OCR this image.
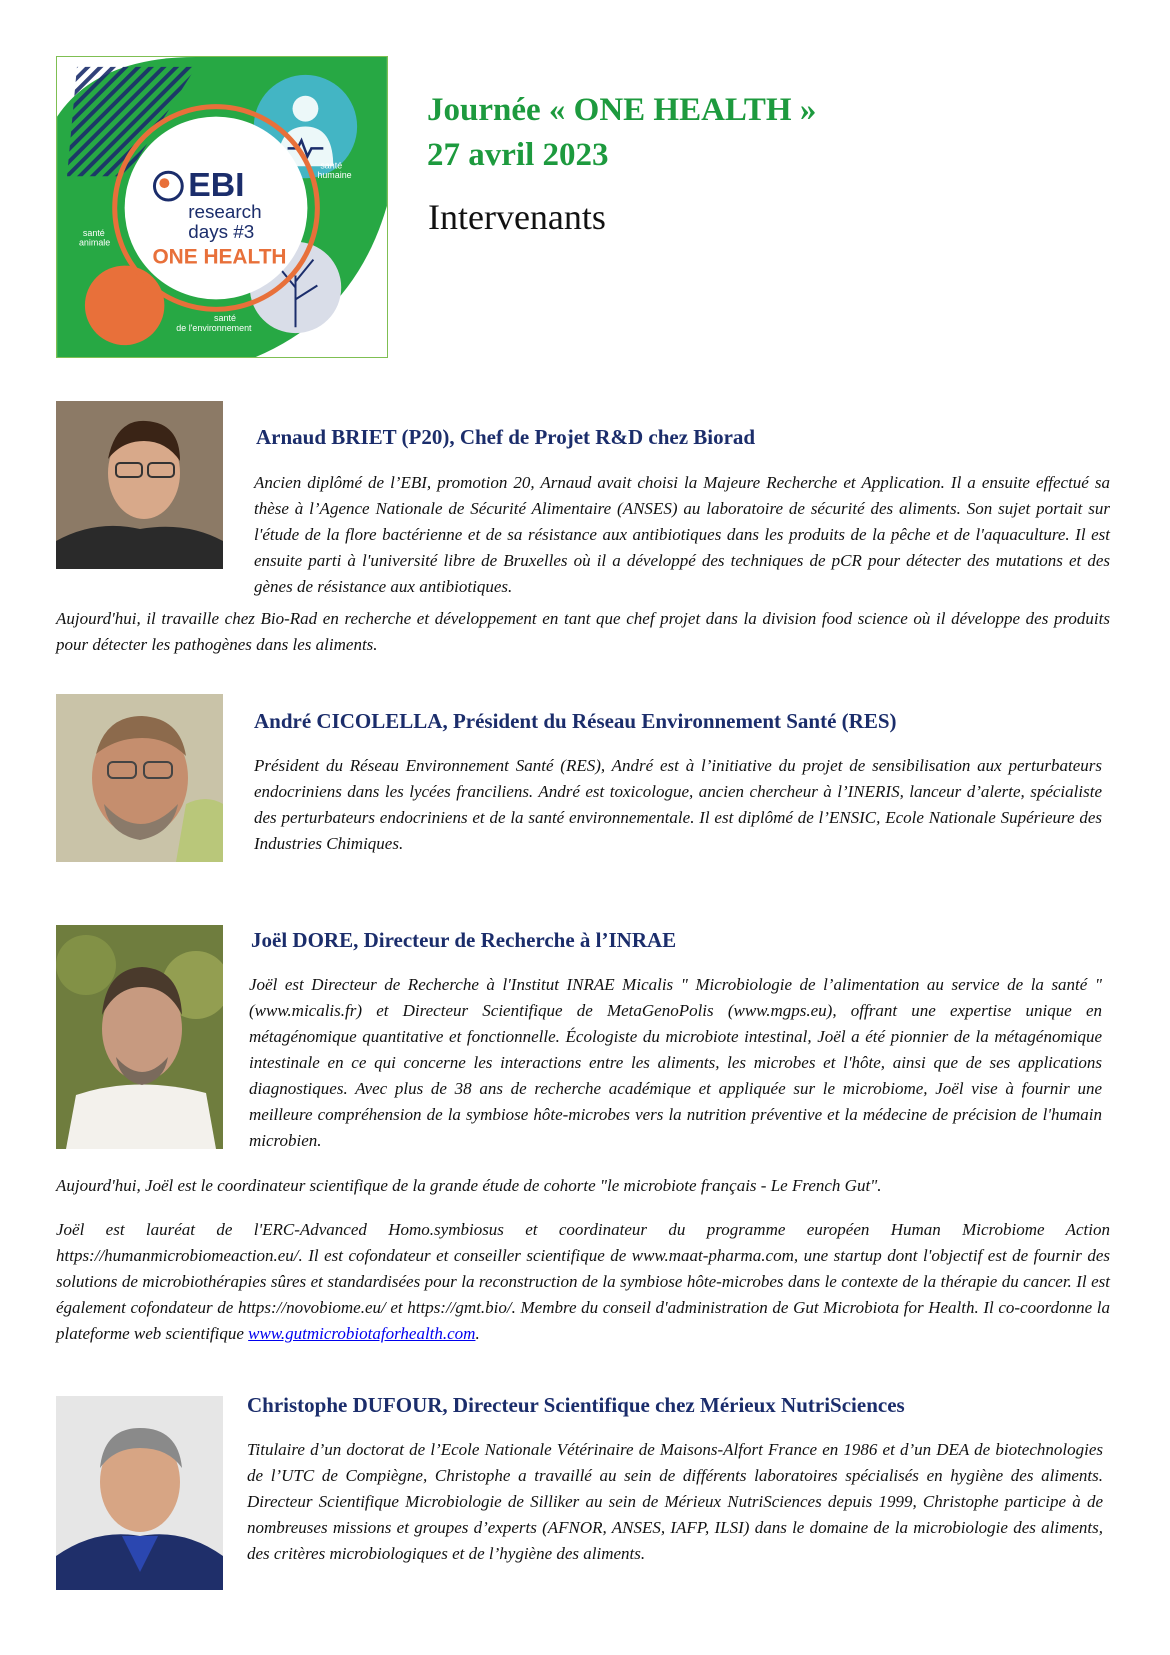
EBI
research
days #3
ONE HEALTH
santé
humaine
santé
animale
santé
de l'environnement
Journée « ONE HEALTH »
27 avril 2023
Intervenants
Arnaud BRIET (P20), Chef de Projet R&D chez Biorad

Ancien diplômé de l’EBI, promotion 20, Arnaud avait choisi la Majeure Recherche et Application. Il a ensuite effectué sa thèse à l’Agence Nationale de Sécurité Alimentaire (ANSES) au laboratoire de sécurité des aliments. Son sujet portait sur l'étude de la flore bactérienne et de sa résistance aux antibiotiques dans les produits de la pêche et de l'aquaculture. Il est ensuite parti à l'université libre de Bruxelles où il a développé des techniques de pCR pour détecter des mutations et des gènes de résistance aux antibiotiques.

Aujourd'hui, il travaille chez Bio-Rad en recherche et développement en tant que chef projet dans la division food science où il développe des produits pour détecter les pathogènes dans les aliments.

André CICOLELLA, Président du Réseau Environnement Santé (RES)

Président du Réseau Environnement Santé (RES), André est à l’initiative du projet de sensibilisation aux perturbateurs endocriniens dans les lycées franciliens. André est toxicologue, ancien chercheur à l’INERIS, lanceur d’alerte, spécialiste des perturbateurs endocriniens et de la santé environnementale. Il est diplômé de l’ENSIC, Ecole Nationale Supérieure des Industries Chimiques.

Joël DORE, Directeur de Recherche à l’INRAE

Joël est Directeur de Recherche à l'Institut INRAE Micalis " Microbiologie de l’alimentation au service de la santé " (www.micalis.fr) et Directeur Scientifique de MetaGenoPolis (www.mgps.eu), offrant une expertise unique en métagénomique quantitative et fonctionnelle. Écologiste du microbiote intestinal, Joël a été pionnier de la métagénomique intestinale en ce qui concerne les interactions entre les aliments, les microbes et l'hôte, ainsi que de ses applications diagnostiques. Avec plus de 38 ans de recherche académique et appliquée sur le microbiome, Joël vise à fournir une meilleure compréhension de la symbiose hôte-microbes vers la nutrition préventive et la médecine de précision de l'humain microbien.

Aujourd'hui, Joël est le coordinateur scientifique de la grande étude de cohorte "le microbiote français - Le French Gut".

Joël est lauréat de l'ERC-Advanced Homo.symbiosus et coordinateur du programme européen Human Microbiome Action https://humanmicrobiomeaction.eu/. Il est cofondateur et conseiller scientifique de www.maat-pharma.com, une startup dont l'objectif est de fournir des solutions de microbiothérapies sûres et standardisées pour la reconstruction de la symbiose hôte-microbes dans le contexte de la thérapie du cancer. Il est également cofondateur de https://novobiome.eu/ et https://gmt.bio/. Membre du conseil d'administration de Gut Microbiota for Health. Il co-coordonne la plateforme web scientifique www.gutmicrobiotaforhealth.com.

Christophe DUFOUR, Directeur Scientifique chez Mérieux NutriSciences

Titulaire d’un doctorat de l’Ecole Nationale Vétérinaire de Maisons-Alfort France en 1986 et d’un DEA de biotechnologies de l’UTC de Compiègne, Christophe a travaillé au sein de différents laboratoires spécialisés en hygiène des aliments. Directeur Scientifique Microbiologie de Silliker au sein de Mérieux NutriSciences depuis 1999, Christophe participe à de nombreuses missions et groupes d’experts (AFNOR, ANSES, IAFP, ILSI) dans le domaine de la microbiologie des aliments, des critères microbiologiques et de l’hygiène des aliments.
